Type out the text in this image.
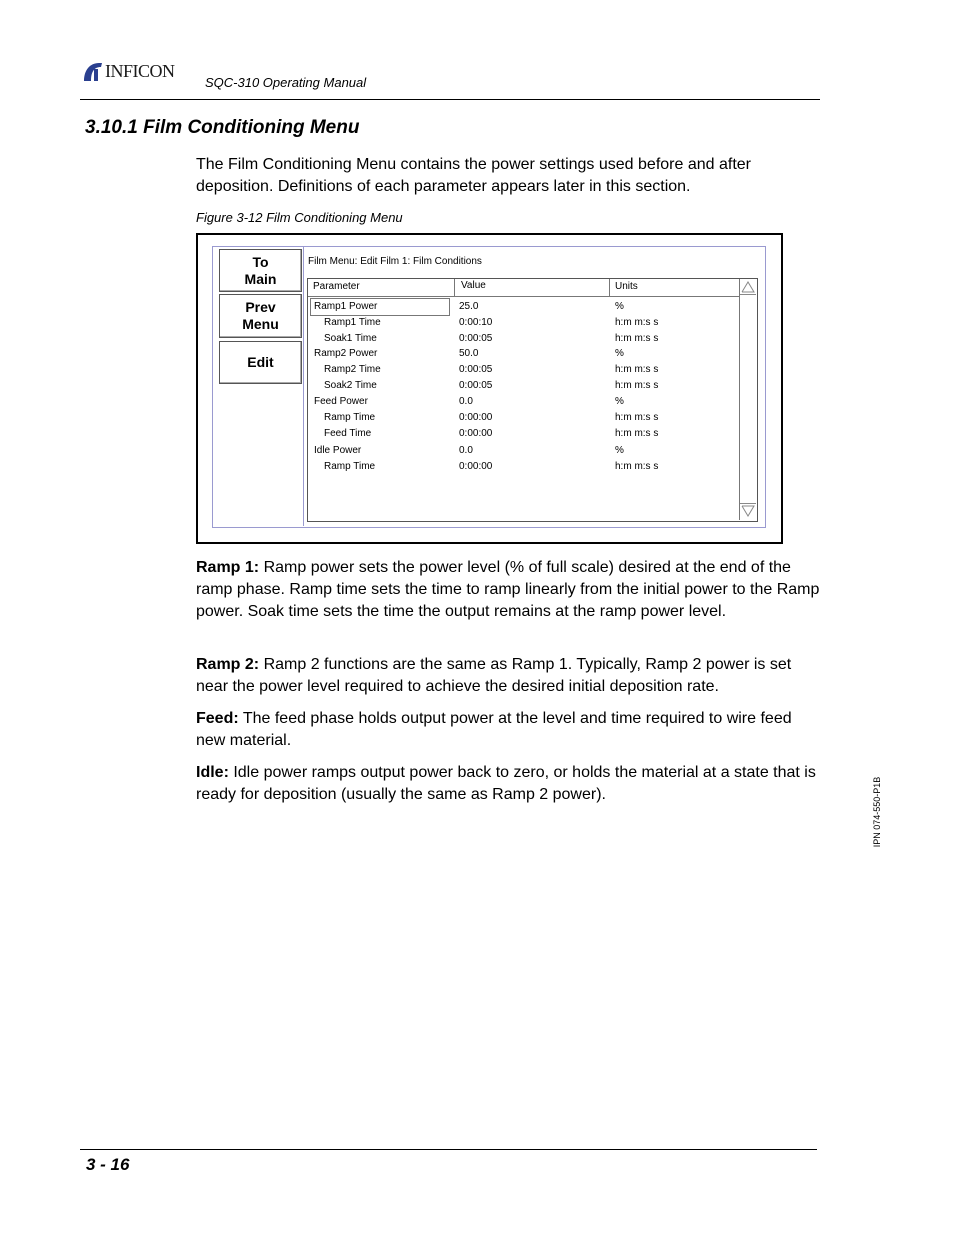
INFICON
SQC-310 Operating Manual
3.10.1 Film Conditioning Menu
The Film Conditioning Menu contains the power settings used before and after deposition. Definitions of each parameter appears later in this section.
Figure 3-12 Film Conditioning Menu
To
Main
Prev
Menu
Edit
Film Menu: Edit Film 1: Film Conditions
Parameter	Value	Units
Ramp1 Power	25.0	%
Ramp1 Time	0:00:10	h:m m:s s
Soak1 Time	0:00:05	h:m m:s s
Ramp2 Power	50.0	%
Ramp2 Time	0:00:05	h:m m:s s
Soak2 Time	0:00:05	h:m m:s s
Feed Power	0.0	%
Ramp Time	0:00:00	h:m m:s s
Feed Time	0:00:00	h:m m:s s
Idle Power	0.0	%
Ramp Time	0:00:00	h:m m:s s
Ramp 1: Ramp power sets the power level (% of full scale) desired at the end of the ramp phase. Ramp time sets the time to ramp linearly from the initial power to the Ramp power. Soak time sets the time the output remains at the ramp power level.
Ramp 2: Ramp 2 functions are the same as Ramp 1. Typically, Ramp 2 power is set near the power level required to achieve the desired initial deposition rate.
Feed: The feed phase holds output power at the level and time required to wire feed new material.
Idle: Idle power ramps output power back to zero, or holds the material at a state that is ready for deposition (usually the same as Ramp 2 power).	IPN 074-550-P1B
3 - 16
